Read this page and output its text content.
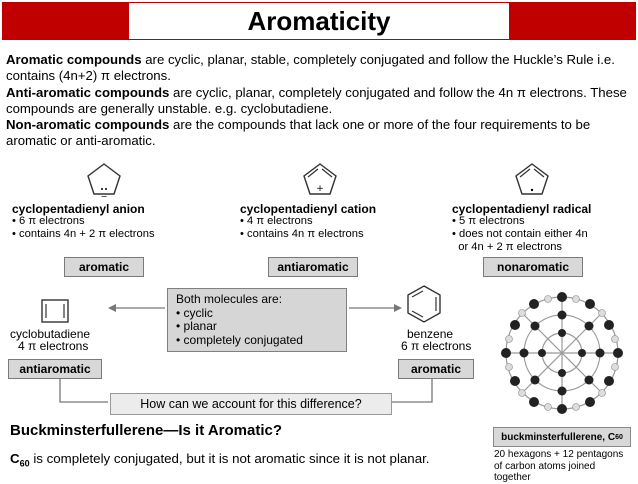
Aromaticity

Aromatic compounds are cyclic, planar, stable, completely conjugated and follow the Huckle’s Rule i.e. contains (4n+2) π electrons.

Anti-aromatic compounds are cyclic, planar, completely conjugated and follow the 4n π electrons. These compounds are generally unstable. e.g. cyclobutadiene.

Non-aromatic compounds are the compounds that lack one or more of the four requirements to be aromatic or anti-aromatic.

−
+
cyclopentadienyl anion
• 6 π electrons
• contains 4n + 2 π electrons
aromatic
cyclopentadienyl cation
• 4 π electrons
• contains 4n π electrons
antiaromatic
cyclopentadienyl radical
• 5 π electrons
• does not contain either 4n
or 4n + 2 π electrons
nonaromatic
cyclobutadiene
4 π electrons
antiaromatic
benzene
6 π electrons
aromatic
Both molecules are:
• cyclic
• planar
• completely conjugated
How can we account for this difference?
Buckminsterfullerene—Is it Aromatic?
$C_{60}$ is completely conjugated, but it is not aromatic since it is not planar.
buckminsterfullerene, C 60
20 hexagons + 12 pentagons
of carbon atoms joined together
